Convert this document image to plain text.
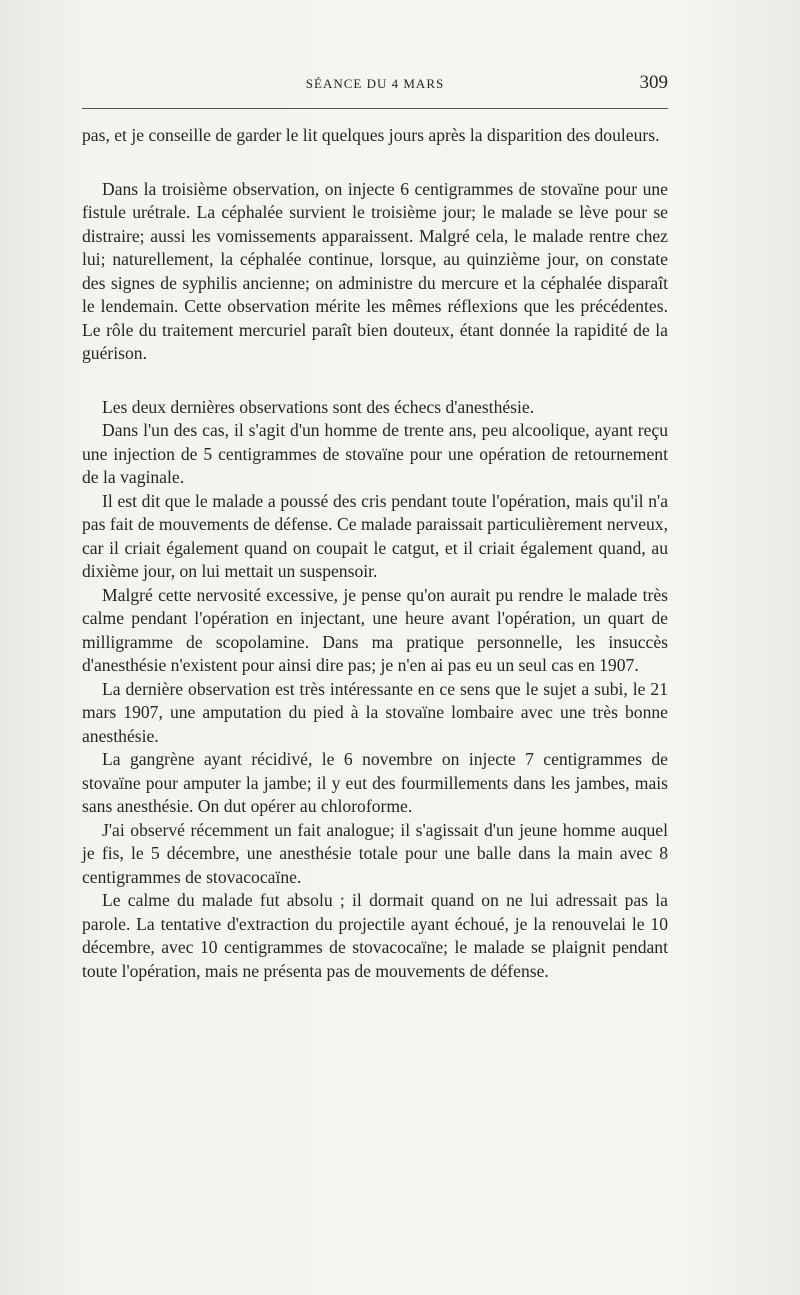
SÉANCE DU 4 MARS	309

pas, et je conseille de garder le lit quelques jours après la disparition des douleurs.

Dans la troisième observation, on injecte 6 centigrammes de stovaïne pour une fistule urétrale. La céphalée survient le troisième jour; le malade se lève pour se distraire; aussi les vomissements apparaissent. Malgré cela, le malade rentre chez lui; naturellement, la céphalée continue, lorsque, au quinzième jour, on constate des signes de syphilis ancienne; on administre du mercure et la céphalée disparaît le lendemain. Cette observation mérite les mêmes réflexions que les précédentes. Le rôle du traitement mercuriel paraît bien douteux, étant donnée la rapidité de la guérison.

Les deux dernières observations sont des échecs d'anesthésie.

Dans l'un des cas, il s'agit d'un homme de trente ans, peu alcoolique, ayant reçu une injection de 5 centigrammes de stovaïne pour une opération de retournement de la vaginale.

Il est dit que le malade a poussé des cris pendant toute l'opération, mais qu'il n'a pas fait de mouvements de défense. Ce malade paraissait particulièrement nerveux, car il criait également quand on coupait le catgut, et il criait également quand, au dixième jour, on lui mettait un suspensoir.

Malgré cette nervosité excessive, je pense qu'on aurait pu rendre le malade très calme pendant l'opération en injectant, une heure avant l'opération, un quart de milligramme de scopolamine. Dans ma pratique personnelle, les insuccès d'anesthésie n'existent pour ainsi dire pas; je n'en ai pas eu un seul cas en 1907.

La dernière observation est très intéressante en ce sens que le sujet a subi, le 21 mars 1907, une amputation du pied à la stovaïne lombaire avec une très bonne anesthésie.

La gangrène ayant récidivé, le 6 novembre on injecte 7 centigrammes de stovaïne pour amputer la jambe; il y eut des fourmillements dans les jambes, mais sans anesthésie. On dut opérer au chloroforme.

J'ai observé récemment un fait analogue; il s'agissait d'un jeune homme auquel je fis, le 5 décembre, une anesthésie totale pour une balle dans la main avec 8 centigrammes de stovacocaïne.

Le calme du malade fut absolu ; il dormait quand on ne lui adressait pas la parole. La tentative d'extraction du projectile ayant échoué, je la renouvelai le 10 décembre, avec 10 centigrammes de stovacocaïne; le malade se plaignit pendant toute l'opération, mais ne présenta pas de mouvements de défense.
